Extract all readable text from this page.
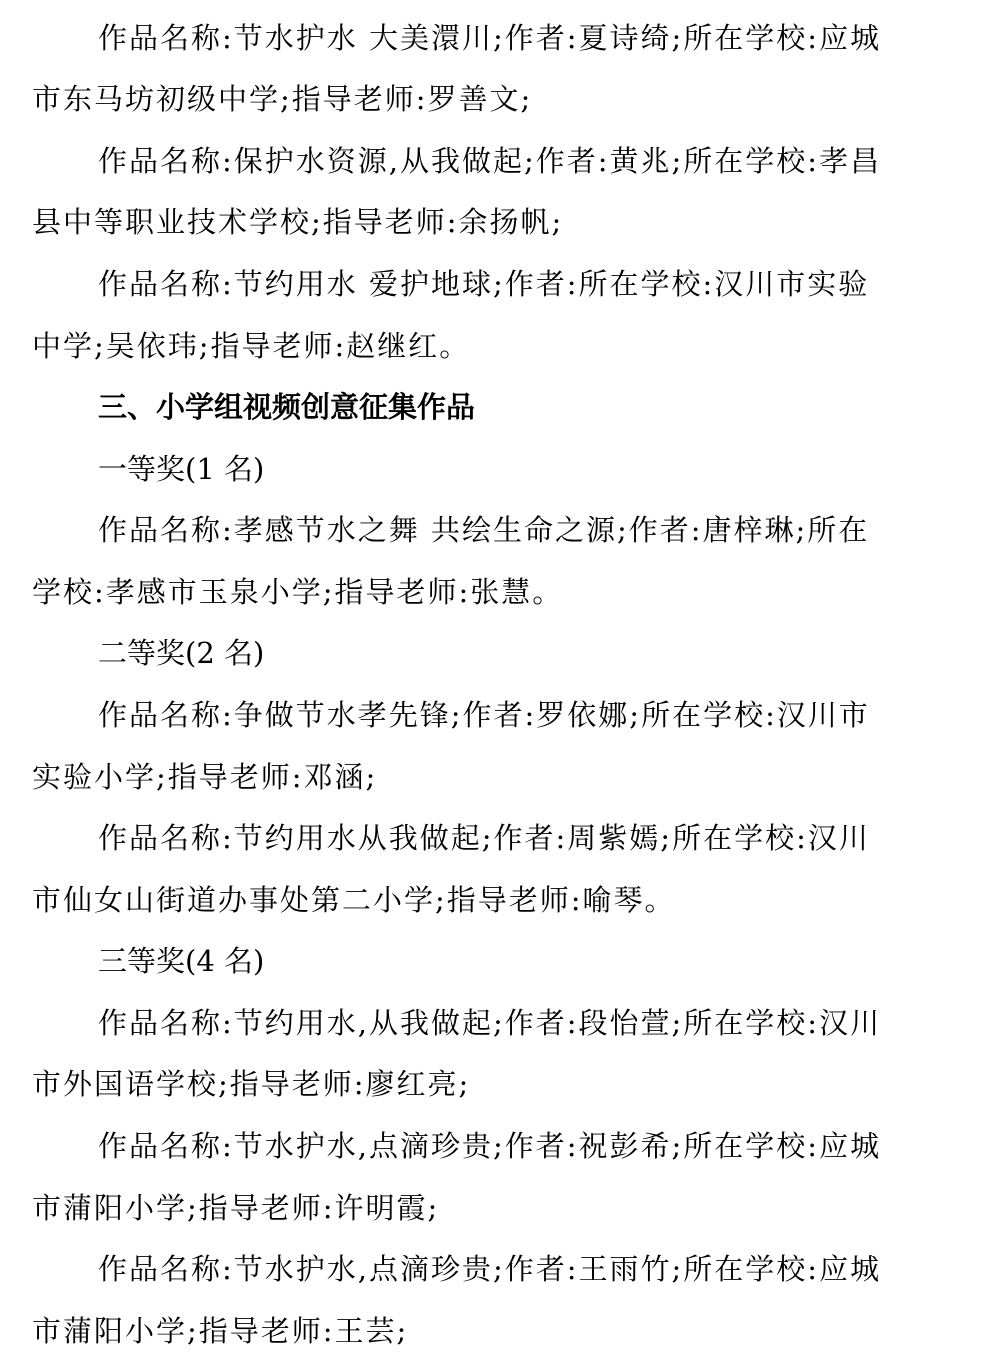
作品名称:节水护水 大美澴川;作者:夏诗绮;所在学校:应城
市东马坊初级中学;指导老师:罗善文;
作品名称:保护水资源,从我做起;作者:黄兆;所在学校:孝昌
县中等职业技术学校;指导老师:余扬帆;
作品名称:节约用水 爱护地球;作者:所在学校:汉川市实验
中学;吴依玮;指导老师:赵继红。
三、小学组视频创意征集作品
一等奖(1 名)
作品名称:孝感节水之舞 共绘生命之源;作者:唐梓琳;所在
学校:孝感市玉泉小学;指导老师:张慧。
二等奖(2 名)
作品名称:争做节水孝先锋;作者:罗依娜;所在学校:汉川市
实验小学;指导老师:邓涵;
作品名称:节约用水从我做起;作者:周紫嫣;所在学校:汉川
市仙女山街道办事处第二小学;指导老师:喻琴。
三等奖(4 名)
作品名称:节约用水,从我做起;作者:段怡萱;所在学校:汉川
市外国语学校;指导老师:廖红亮;
作品名称:节水护水,点滴珍贵;作者:祝彭希;所在学校:应城
市蒲阳小学;指导老师:许明霞;
作品名称:节水护水,点滴珍贵;作者:王雨竹;所在学校:应城
市蒲阳小学;指导老师:王芸;
